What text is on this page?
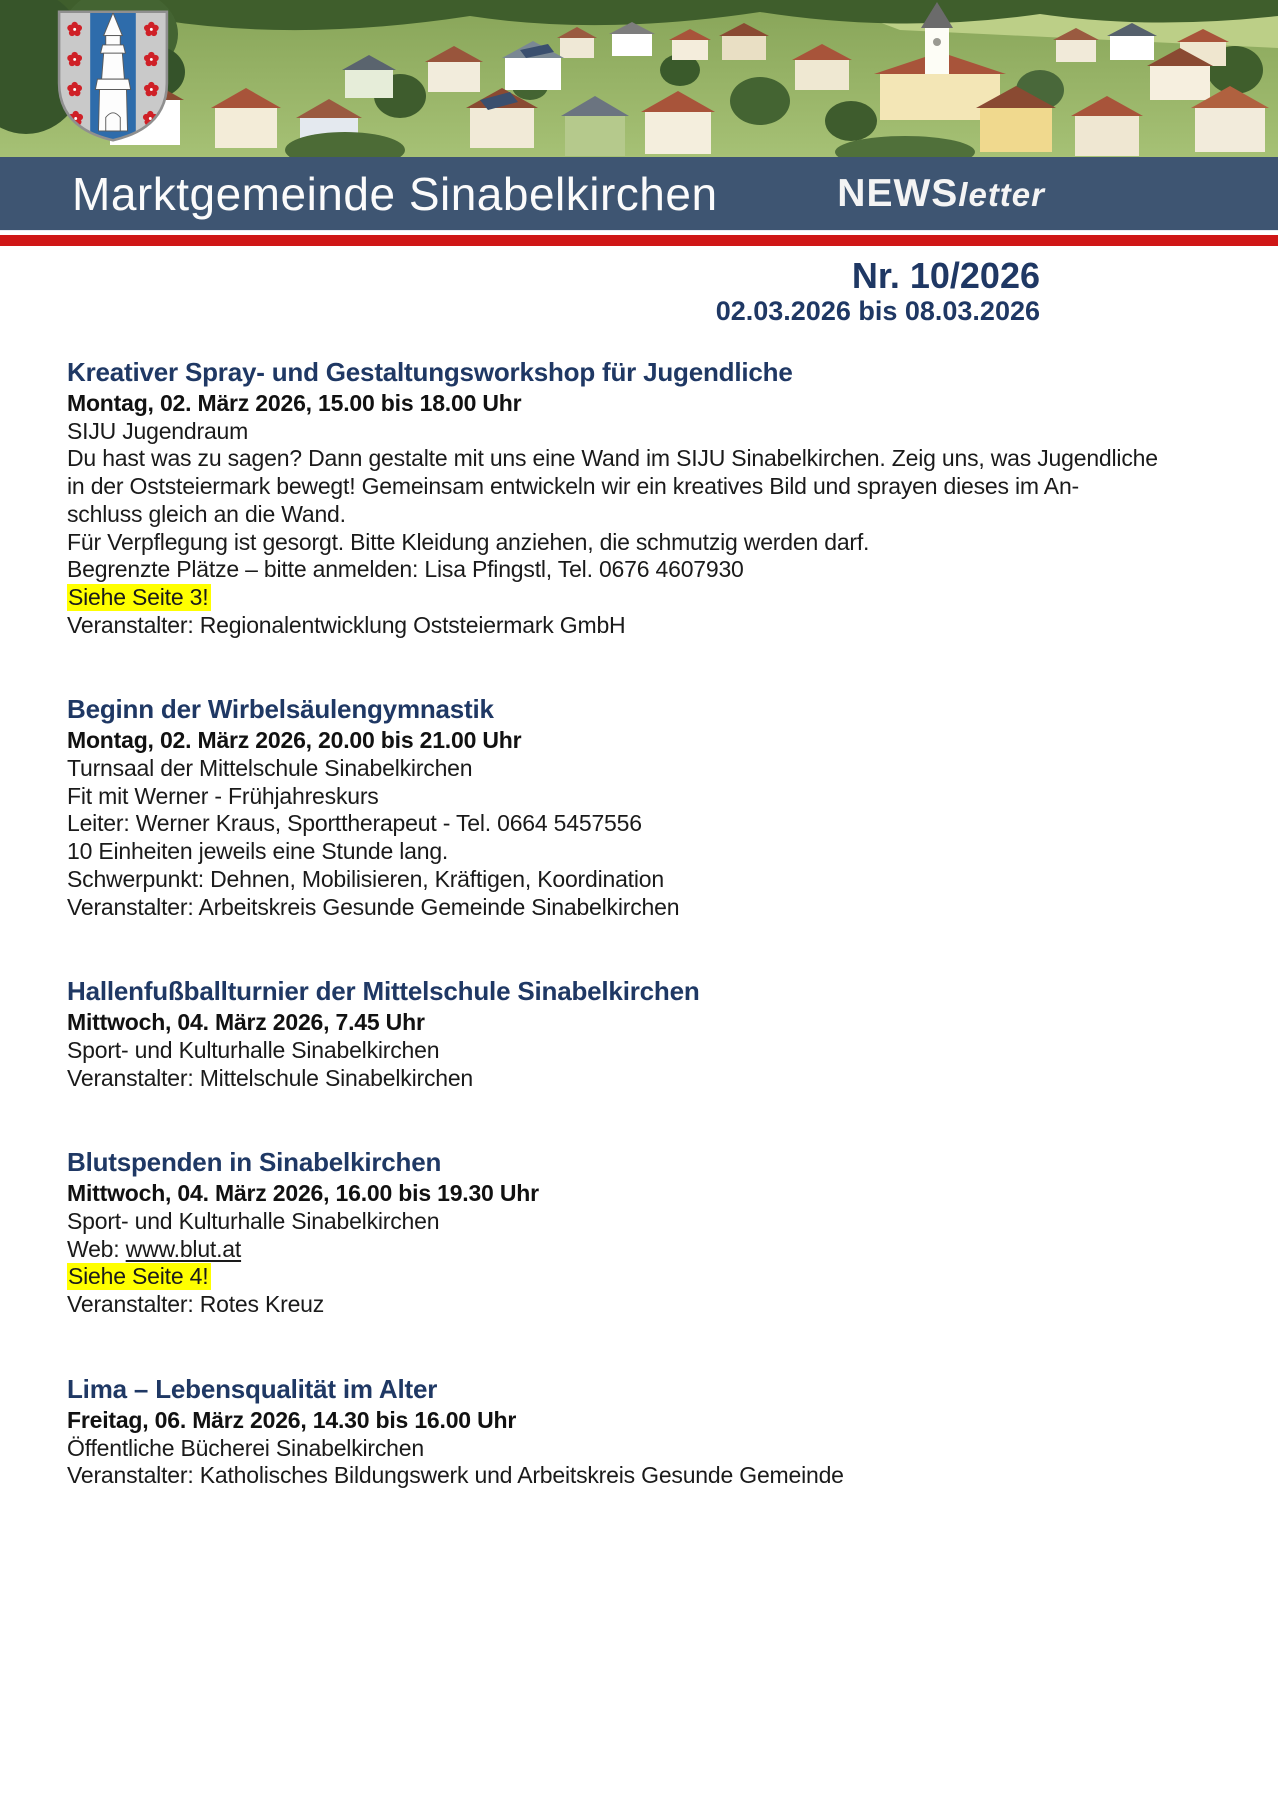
Marktgemeinde Sinabelkirchen	NEWSletter
Nr. 10/2026
02.03.2026 bis 08.03.2026
Kreativer Spray- und Gestaltungsworkshop für Jugendliche
Montag, 02. März 2026, 15.00 bis 18.00 Uhr
SIJU Jugendraum
Du hast was zu sagen? Dann gestalte mit uns eine Wand im SIJU Sinabelkirchen. Zeig uns, was Jugendliche
in der Oststeiermark bewegt! Gemeinsam entwickeln wir ein kreatives Bild und sprayen dieses im An-
schluss gleich an die Wand.
Für Verpflegung ist gesorgt. Bitte Kleidung anziehen, die schmutzig werden darf.
Begrenzte Plätze – bitte anmelden: Lisa Pfingstl, Tel. 0676 4607930
Siehe Seite 3!
Veranstalter: Regionalentwicklung Oststeiermark GmbH
Beginn der Wirbelsäulengymnastik
Montag, 02. März 2026, 20.00 bis 21.00 Uhr
Turnsaal der Mittelschule Sinabelkirchen
Fit mit Werner - Frühjahreskurs
Leiter: Werner Kraus, Sporttherapeut - Tel. 0664 5457556
10 Einheiten jeweils eine Stunde lang.
Schwerpunkt: Dehnen, Mobilisieren, Kräftigen, Koordination
Veranstalter: Arbeitskreis Gesunde Gemeinde Sinabelkirchen
Hallenfußballturnier der Mittelschule Sinabelkirchen
Mittwoch, 04. März 2026, 7.45 Uhr
Sport- und Kulturhalle Sinabelkirchen
Veranstalter: Mittelschule Sinabelkirchen
Blutspenden in Sinabelkirchen
Mittwoch, 04. März 2026, 16.00 bis 19.30 Uhr
Sport- und Kulturhalle Sinabelkirchen
Web: www.blut.at
Siehe Seite 4!
Veranstalter: Rotes Kreuz
Lima – Lebensqualität im Alter
Freitag, 06. März 2026, 14.30 bis 16.00 Uhr
Öffentliche Bücherei Sinabelkirchen
Veranstalter: Katholisches Bildungswerk und Arbeitskreis Gesunde Gemeinde
